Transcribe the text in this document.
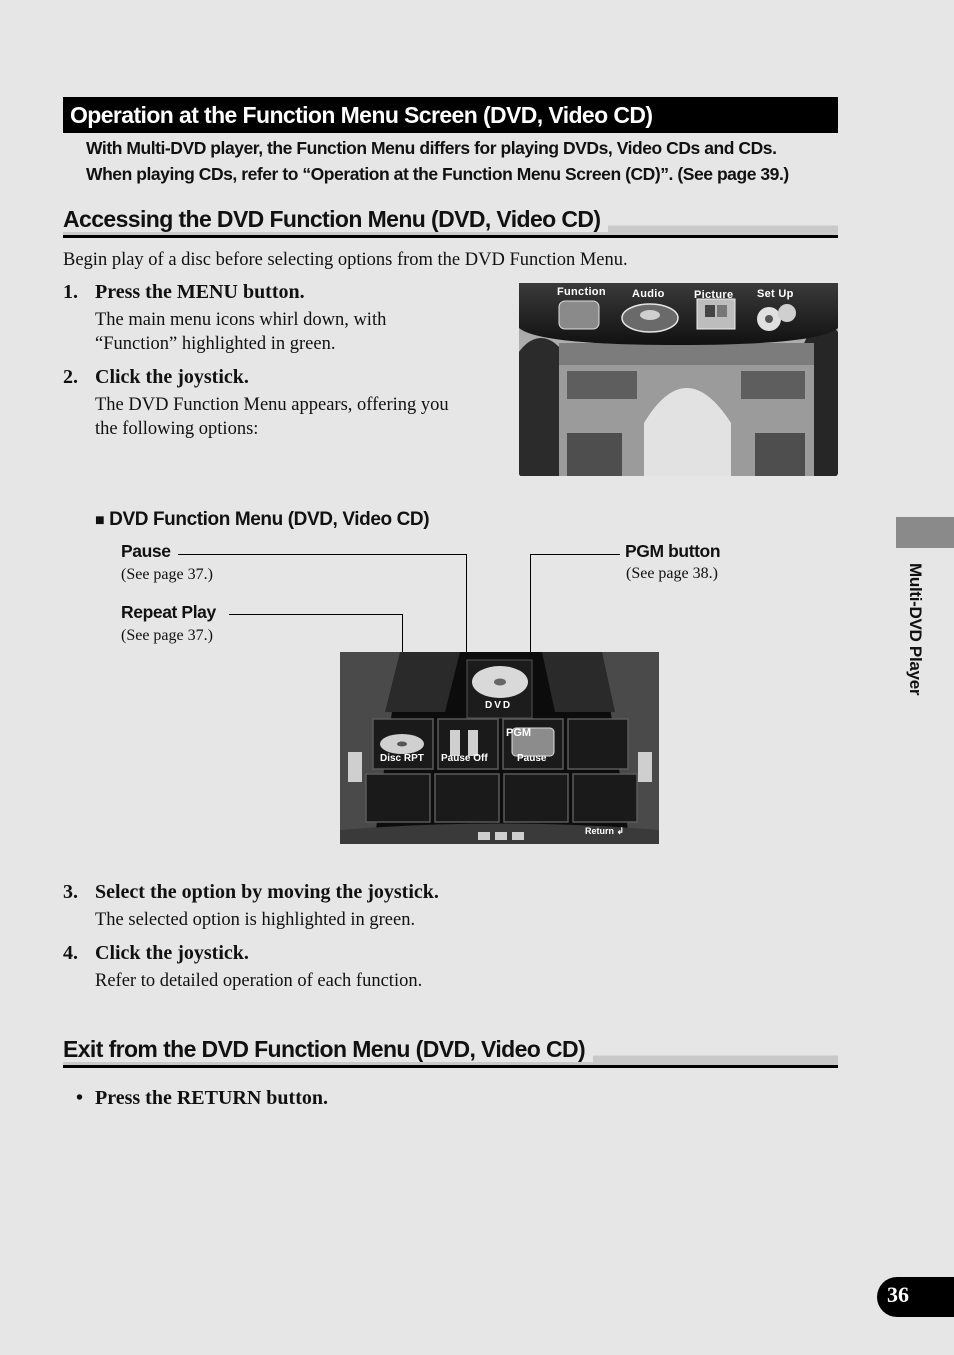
Operation at the Function Menu Screen (DVD, Video CD)
With Multi-DVD player, the Function Menu differs for playing DVDs, Video CDs and CDs.
When playing CDs, refer to “Operation at the Function Menu Screen (CD)”. (See page 39.)
Accessing the DVD Function Menu (DVD, Video CD)
Begin play of a disc before selecting options from the DVD Function Menu.
1. Press the MENU button.
The main menu icons whirl down, with
“Function” highlighted in green.
2. Click the joystick.
The DVD Function Menu appears, offering you
the following options:
Function Audio	Picture Set Up
■ DVD Function Menu (DVD, Video CD)
Pause
(See page 37.)
Repeat Play
(See page 37.)
PGM button
(See page 38.)
DVD
Disc RPT Pause Off	Pause
PGM
Return ↲
3. Select the option by moving the joystick.
The selected option is highlighted in green.
4. Click the joystick.
Refer to detailed operation of each function.
Exit from the DVD Function Menu (DVD, Video CD)
• Press the RETURN button.
Multi-DVD Player
36
